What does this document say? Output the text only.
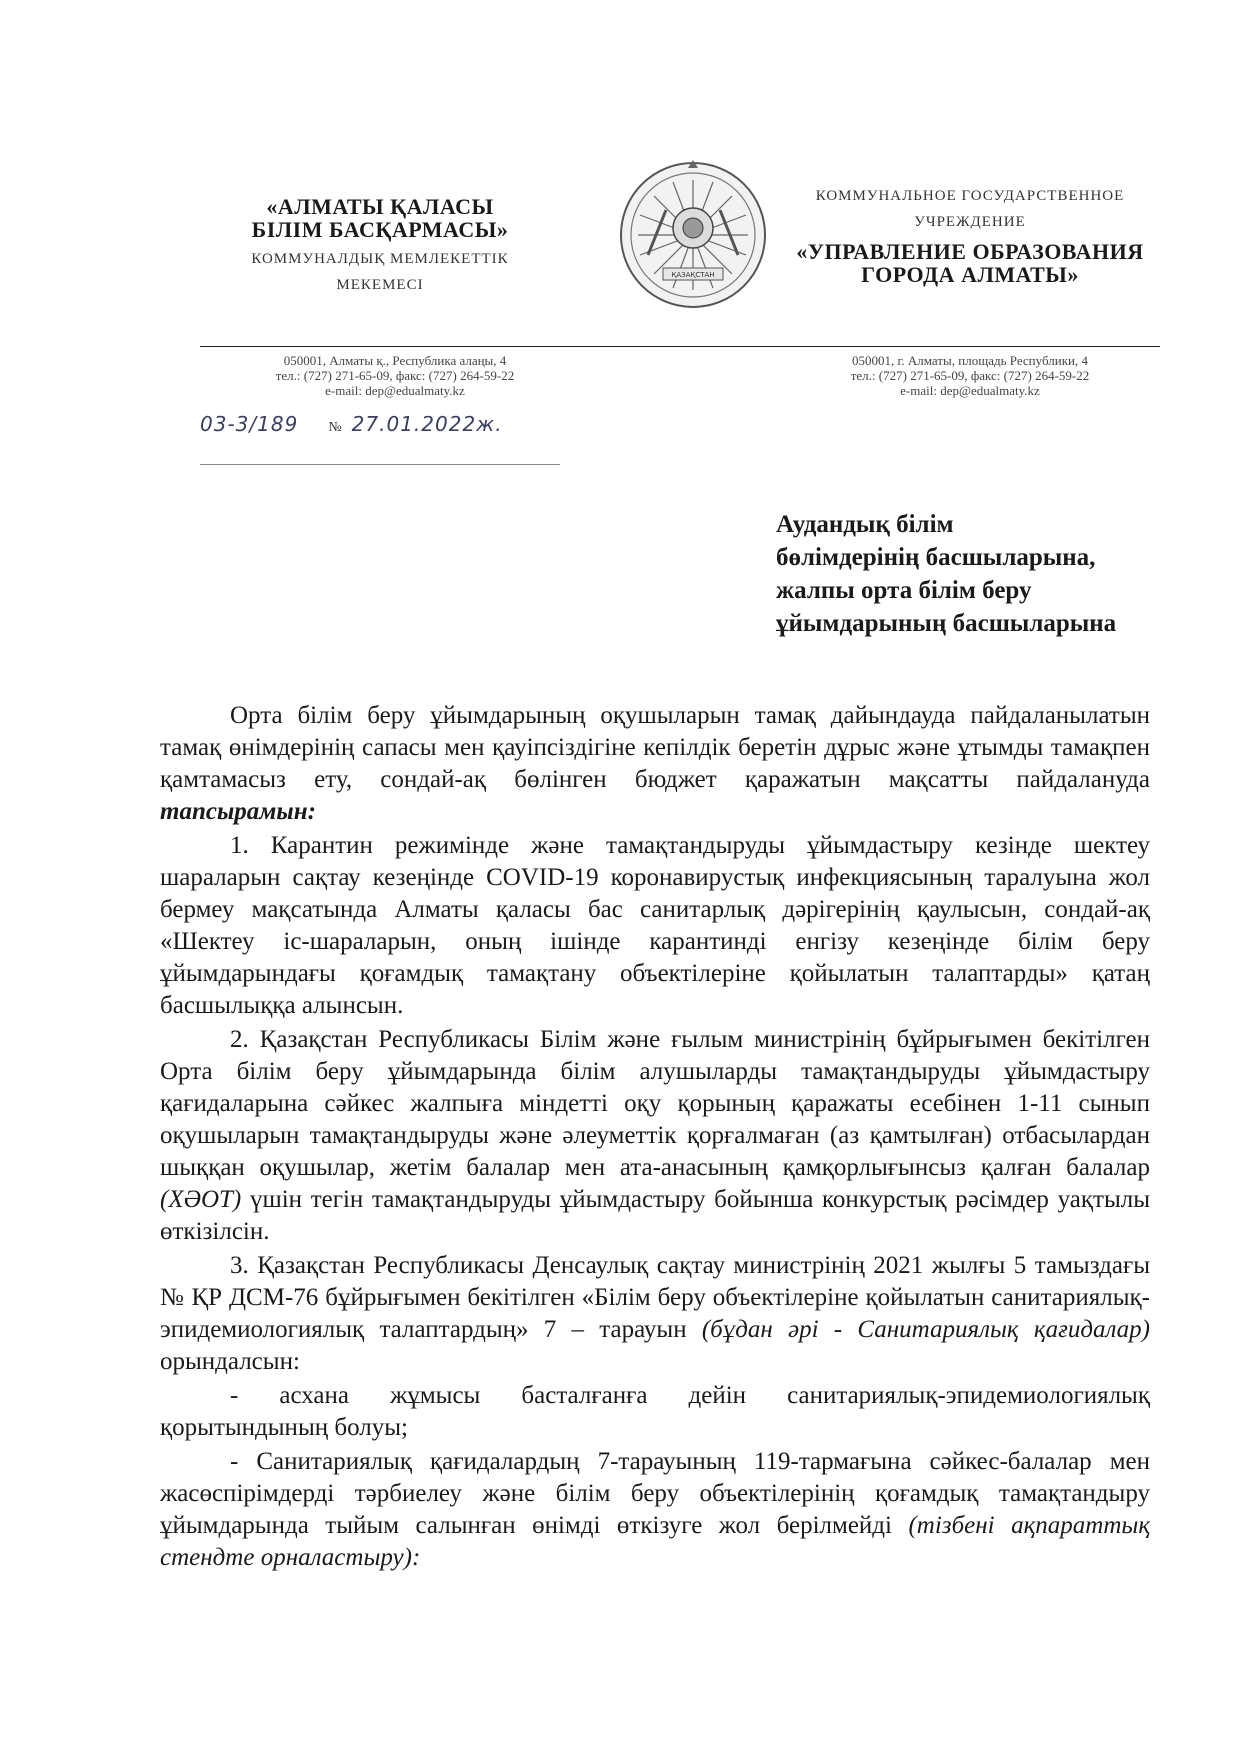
«АЛМАТЫ ҚАЛАСЫ
БІЛІМ БАСҚАРМАСЫ»
КОММУНАЛДЫҚ МЕМЛЕКЕТТІК
МЕКЕМЕСІ
ҚАЗАҚСТАН
КОММУНАЛЬНОЕ ГОСУДАРСТВЕННОЕ
УЧРЕЖДЕНИЕ
«УПРАВЛЕНИЕ ОБРАЗОВАНИЯ
ГОРОДА АЛМАТЫ»
050001, Алматы қ., Республика алаңы, 4
тел.: (727) 271-65-09, факс: (727) 264-59-22
e-mail: dep@edualmaty.kz
050001, г. Алматы, площадь Республики, 4
тел.: (727) 271-65-09, факс: (727) 264-59-22
e-mail: dep@edualmaty.kz
03-3/189 № 27.01.2022ж.
Аудандық білім
бөлімдерінің басшыларына,
жалпы орта білім беру
ұйымдарының басшыларына

Орта білім беру ұйымдарының оқушыларын тамақ дайындауда пайдаланылатын тамақ өнімдерінің сапасы мен қауіпсіздігіне кепілдік беретін дұрыс және ұтымды тамақпен қамтамасыз ету, сондай-ақ бөлінген бюджет қаражатын мақсатты пайдалануда тапсырамын:

1. Карантин режимінде және тамақтандыруды ұйымдастыру кезінде шектеу шараларын сақтау кезеңінде COVID-19 коронавирустық инфекциясының таралуына жол бермеу мақсатында Алматы қаласы бас санитарлық дәрігерінің қаулысын, сондай-ақ «Шектеу іс-шараларын, оның ішінде карантинді енгізу кезеңінде білім беру ұйымдарындағы қоғамдық тамақтану объектілеріне қойылатын талаптарды» қатаң басшылыққа алынсын.

2. Қазақстан Республикасы Білім және ғылым министрінің бұйрығымен бекітілген Орта білім беру ұйымдарында білім алушыларды тамақтандыруды ұйымдастыру қағидаларына сәйкес жалпыға міндетті оқу қорының қаражаты есебінен 1-11 сынып оқушыларын тамақтандыруды және әлеуметтік қорғалмаған (аз қамтылған) отбасылардан шыққан оқушылар, жетім балалар мен ата-анасының қамқорлығынсыз қалған балалар (ХӘОТ) үшін тегін тамақтандыруды ұйымдастыру бойынша конкурстық рәсімдер уақтылы өткізілсін.

3. Қазақстан Республикасы Денсаулық сақтау министрінің 2021 жылғы 5 тамыздағы № ҚР ДСМ-76 бұйрығымен бекітілген «Білім беру объектілеріне қойылатын санитариялық-эпидемиологиялық талаптардың» 7 – тарауын (бұдан әрі - Санитариялық қағидалар) орындалсын:

- асхана жұмысы басталғанға дейін санитариялық-эпидемиологиялық қорытындының болуы;

- Санитариялық қағидалардың 7-тарауының 119-тармағына сәйкес-балалар мен жасөспірімдерді тәрбиелеу және білім беру объектілерінің қоғамдық тамақтандыру ұйымдарында тыйым салынған өнімді өткізуге жол берілмейді (тізбені ақпараттық стендте орналастыру):
